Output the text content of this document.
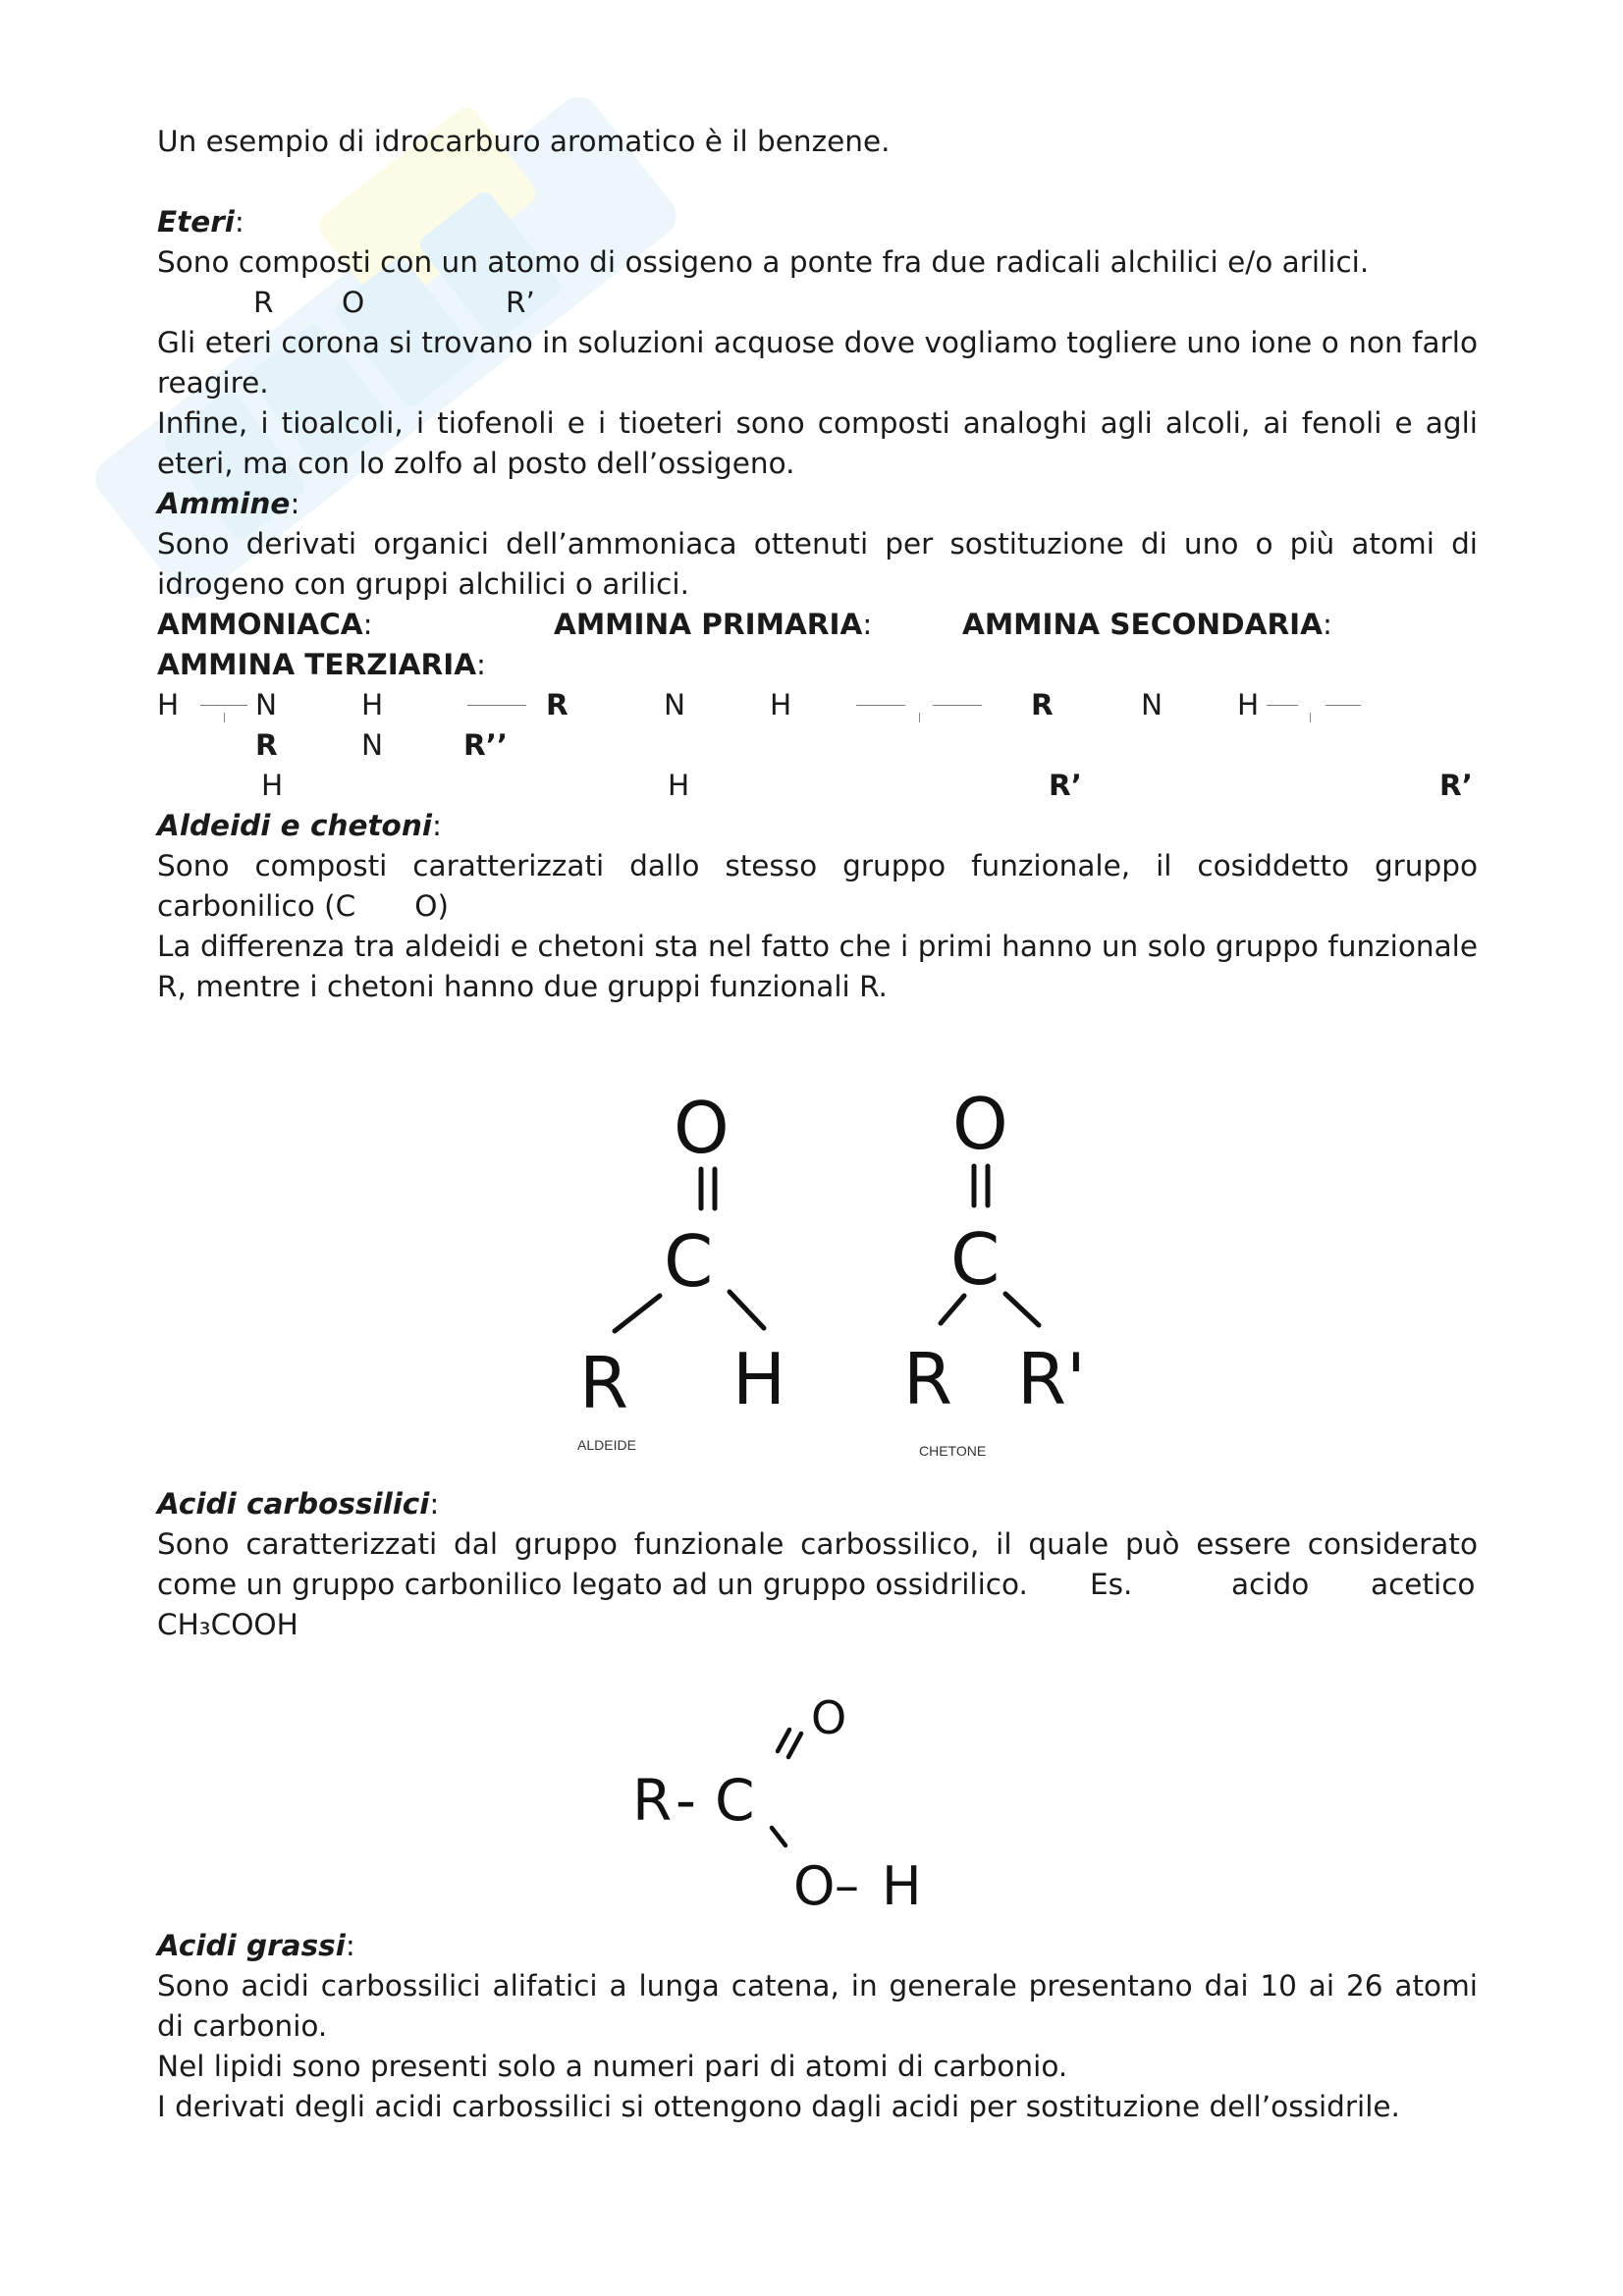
Un esempio di idrocarburo aromatico è il benzene.

Eteri:

Sono composti con un atomo di ossigeno a ponte fra due radicali alchilici e/o arilici.

R O	R’

Gli eteri corona si trovano in soluzioni acquose dove vogliamo togliere uno ione o non farlo reagire.

Infine, i tioalcoli, i tiofenoli e i tioeteri sono composti analoghi agli alcoli, ai fenoli e agli eteri, ma con lo zolfo al posto dell’ossigeno.

Ammine:

Sono derivati organici dell’ammoniaca ottenuti per sostituzione di uno o più atomi di idrogeno con gruppi alchilici o arilici.

AMMONIACA:	AMMINA PRIMARIA:	AMMINA SECONDARIA:
AMMINA TERZIARIA:
H	N	H	R	N	H	R	N	H
R	N	R’’
H	H	R’	R’

Aldeidi e chetoni:

Sono composti caratterizzati dallo stesso gruppo funzionale, il cosiddetto gruppo

carbonilico (C O)

La differenza tra aldeidi e chetoni sta nel fatto che i primi hanno un solo gruppo funzionale R, mentre i chetoni hanno due gruppi funzionali R.

O
C
R H
O
C
R R'
ALDEIDE	CHETONE

Acidi carbossilici:

Sono caratterizzati dal gruppo funzionale carbossilico, il quale può essere considerato

come un gruppo carbonilico legato ad un gruppo ossidrilico. Es.	acido acetico

CH₃COOH

R - C
O
O – H

Acidi grassi:

Sono acidi carbossilici alifatici a lunga catena, in generale presentano dai 10 ai 26 atomi di carbonio.

Nel lipidi sono presenti solo a numeri pari di atomi di carbonio.

I derivati degli acidi carbossilici si ottengono dagli acidi per sostituzione dell’ossidrile.
